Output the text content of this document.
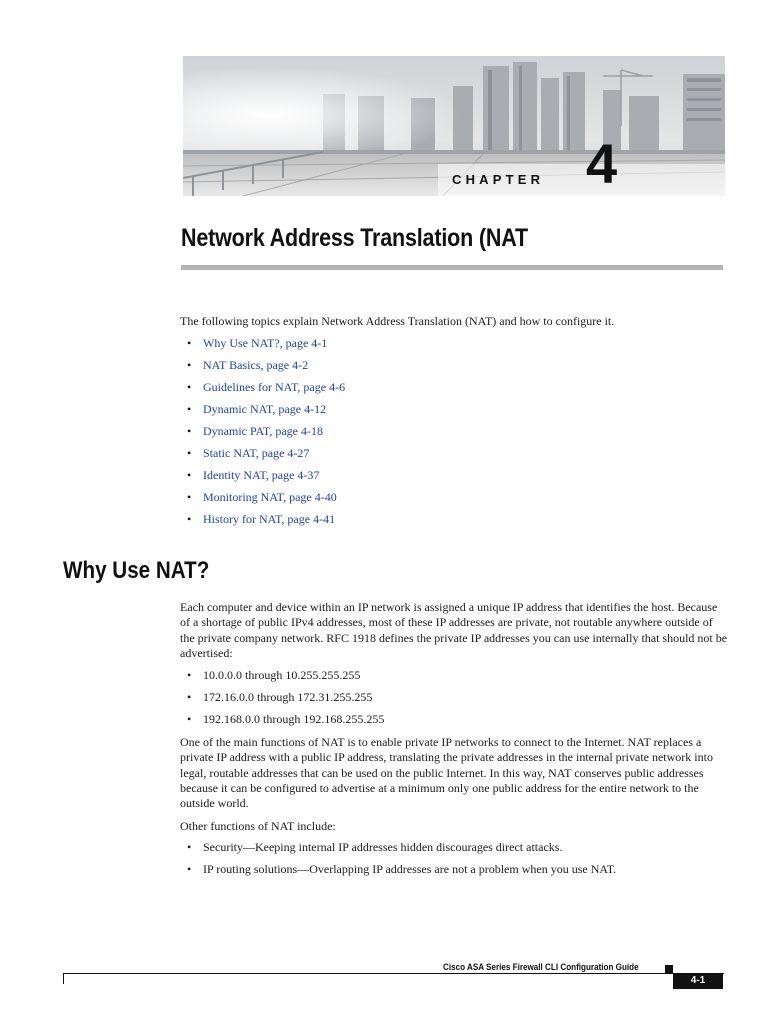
CHAPTER 4
Network Address Translation (NAT

The following topics explain Network Address Translation (NAT) and how to configure it.

• Why Use NAT?, page 4-1
• NAT Basics, page 4-2
• Guidelines for NAT, page 4-6
• Dynamic NAT, page 4-12
• Dynamic PAT, page 4-18
• Static NAT, page 4-27
• Identity NAT, page 4-37
• Monitoring NAT, page 4-40
• History for NAT, page 4-41
Why Use NAT?

Each computer and device within an IP network is assigned a unique IP address that identifies the host. Because of a shortage of public IPv4 addresses, most of these IP addresses are private, not routable anywhere outside of the private company network. RFC 1918 defines the private IP addresses you can use internally that should not be advertised:

• 10.0.0.0 through 10.255.255.255
• 172.16.0.0 through 172.31.255.255
• 192.168.0.0 through 192.168.255.255

One of the main functions of NAT is to enable private IP networks to connect to the Internet. NAT replaces a private IP address with a public IP address, translating the private addresses in the internal private network into legal, routable addresses that can be used on the public Internet. In this way, NAT conserves public addresses because it can be configured to advertise at a minimum only one public address for the entire network to the outside world.

Other functions of NAT include:

• Security—Keeping internal IP addresses hidden discourages direct attacks.
• IP routing solutions—Overlapping IP addresses are not a problem when you use NAT.
Cisco ASA Series Firewall CLI Configuration Guide
4-1
